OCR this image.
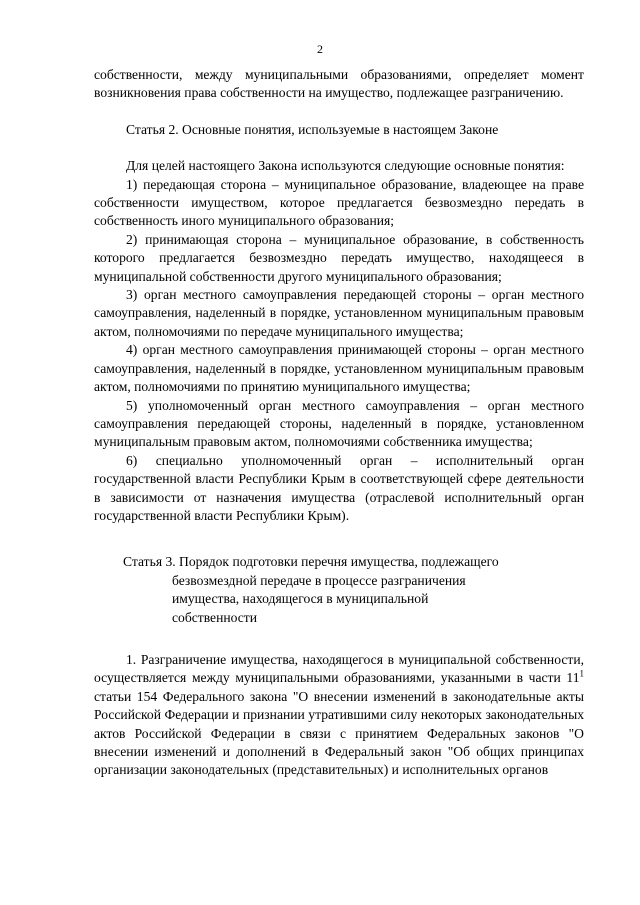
2

собственности, между муниципальными образованиями, определяет момент возникновения права собственности на имущество, подлежащее разграничению.

Статья 2. Основные понятия, используемые в настоящем Законе

Для целей настоящего Закона используются следующие основные понятия:

1) передающая сторона – муниципальное образование, владеющее на праве собственности имуществом, которое предлагается безвозмездно передать в собственность иного муниципального образования;

2) принимающая сторона – муниципальное образование, в собственность которого предлагается безвозмездно передать имущество, находящееся в муниципальной собственности другого муниципального образования;

3) орган местного самоуправления передающей стороны – орган местного самоуправления, наделенный в порядке, установленном муниципальным правовым актом, полномочиями по передаче муниципального имущества;

4) орган местного самоуправления принимающей стороны – орган местного самоуправления, наделенный в порядке, установленном муниципальным правовым актом, полномочиями по принятию муниципального имущества;

5) уполномоченный орган местного самоуправления – орган местного самоуправления передающей стороны, наделенный в порядке, установленном муниципальным правовым актом, полномочиями собственника имущества;

6) специально уполномоченный орган – исполнительный орган государственной власти Республики Крым в соответствующей сфере деятельности в зависимости от назначения имущества (отраслевой исполнительный орган государственной власти Республики Крым).

Статья 3. Порядок подготовки перечня имущества, подлежащего
безвозмездной передаче в процессе разграничения имущества, находящегося в муниципальной собственности

1. Разграничение имущества, находящегося в муниципальной собственности, осуществляется между муниципальными образованиями, указанными в части $11^1$ статьи 154 Федерального закона "О внесении изменений в законодательные акты Российской Федерации и признании утратившими силу некоторых законодательных актов Российской Федерации в связи с принятием Федеральных законов "О внесении изменений и дополнений в Федеральный закон "Об общих принципах организации законодательных (представительных) и исполнительных органов
